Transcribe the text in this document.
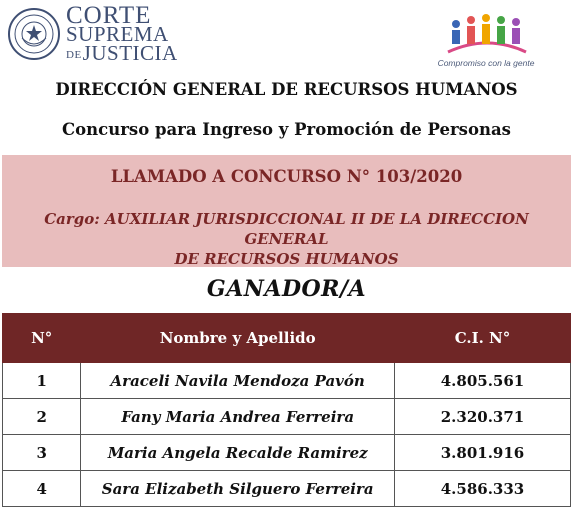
CORTE
SUPREMA
DEJUSTICIA	Compromiso con la gente
DIRECCIÓN GENERAL DE RECURSOS HUMANOS
Concurso para Ingreso y Promoción de Personas
LLAMADO A CONCURSO N° 103/2020
Cargo: AUXILIAR JURISDICCIONAL II DE LA DIRECCION GENERAL
DE RECURSOS HUMANOS
GANADOR/A
N°	Nombre y Apellido	C.I. N°
1	Araceli Navila Mendoza Pavón	4.805.561
2	Fany Maria Andrea Ferreira	2.320.371
3	Maria Angela Recalde Ramirez	3.801.916
4	Sara Elizabeth Silguero Ferreira	4.586.333
